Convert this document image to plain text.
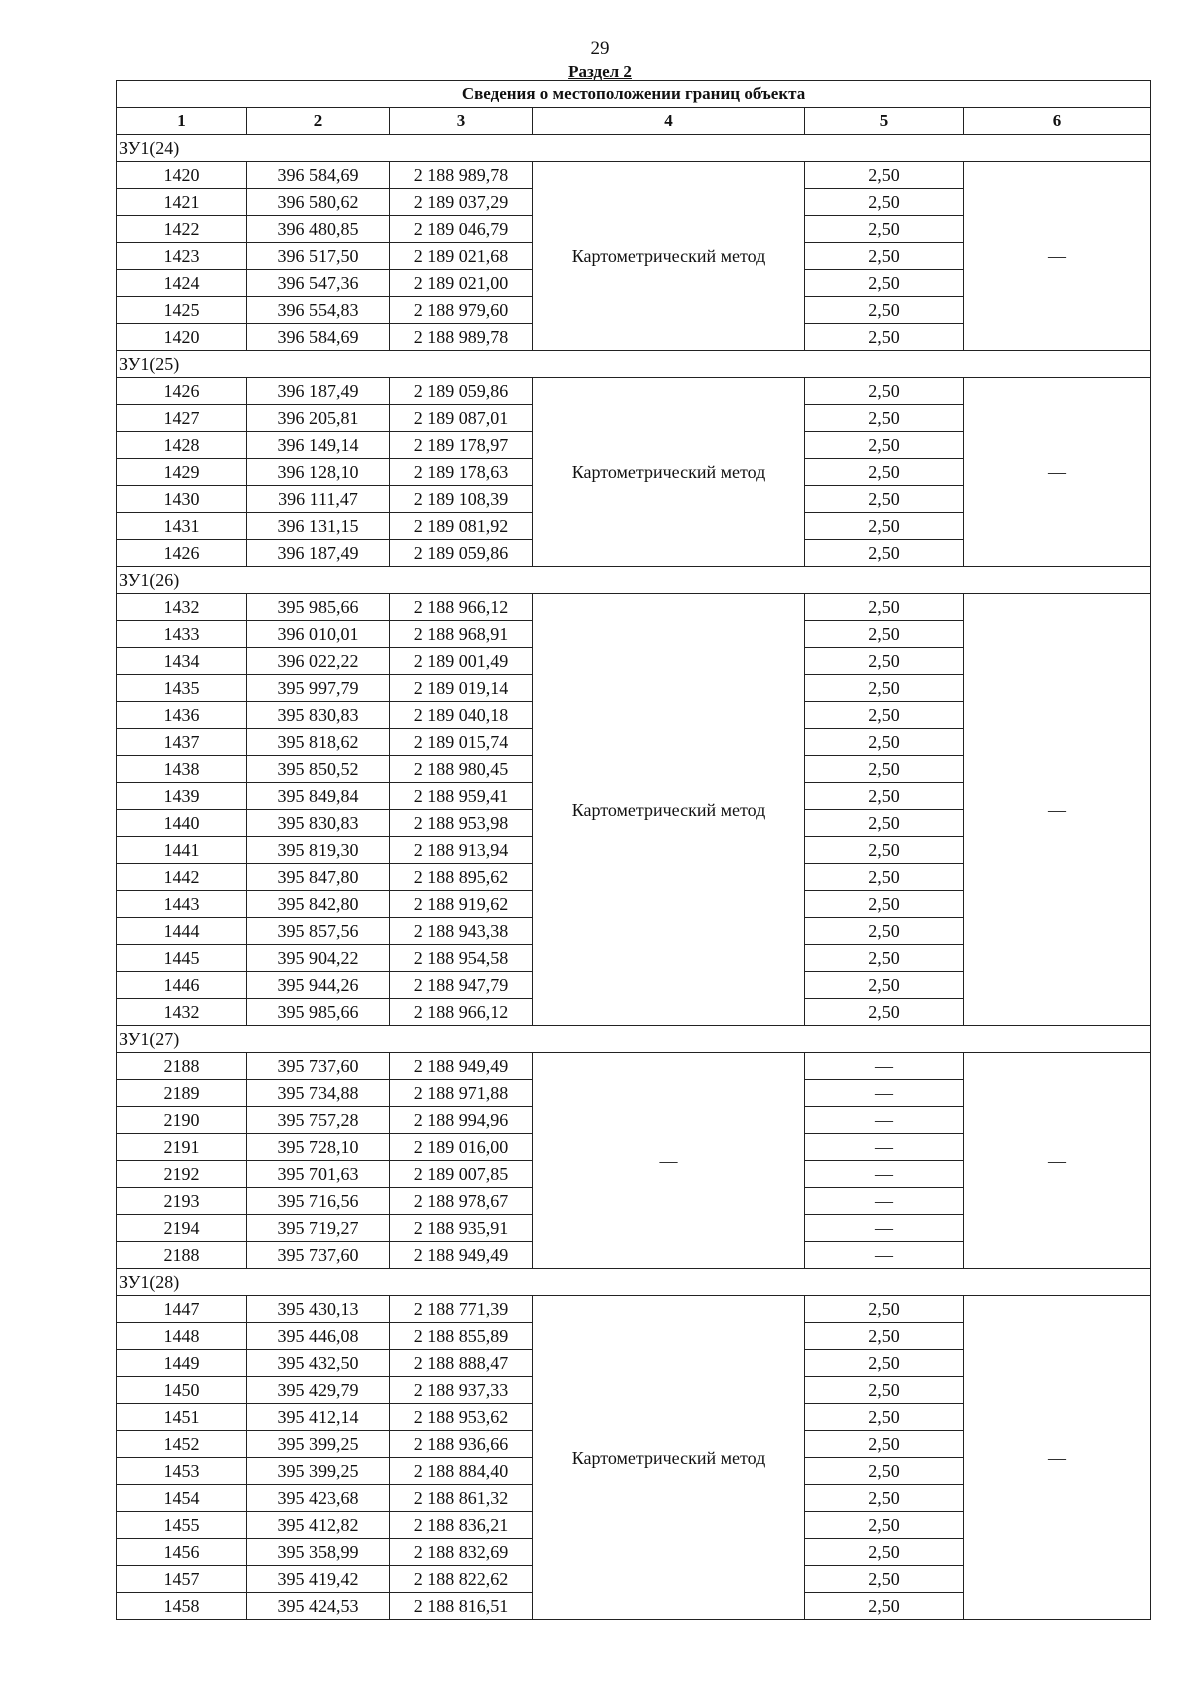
29
Раздел 2
Сведения о местоположении границ объекта					
1	2	3	4	5	6
ЗУ1(24)					
1420	396 584,69	2 188 989,78	Картометрический метод	2,50	—
1421	396 580,62	2 189 037,29		2,50	
1422	396 480,85	2 189 046,79		2,50	
1423	396 517,50	2 189 021,68		2,50	
1424	396 547,36	2 189 021,00		2,50	
1425	396 554,83	2 188 979,60		2,50	
1420	396 584,69	2 188 989,78		2,50	
ЗУ1(25)					
1426	396 187,49	2 189 059,86	Картометрический метод	2,50	—
1427	396 205,81	2 189 087,01		2,50	
1428	396 149,14	2 189 178,97		2,50	
1429	396 128,10	2 189 178,63		2,50	
1430	396 111,47	2 189 108,39		2,50	
1431	396 131,15	2 189 081,92		2,50	
1426	396 187,49	2 189 059,86		2,50	
ЗУ1(26)					
1432	395 985,66	2 188 966,12	Картометрический метод	2,50	—
1433	396 010,01	2 188 968,91		2,50	
1434	396 022,22	2 189 001,49		2,50	
1435	395 997,79	2 189 019,14		2,50	
1436	395 830,83	2 189 040,18		2,50	
1437	395 818,62	2 189 015,74		2,50	
1438	395 850,52	2 188 980,45		2,50	
1439	395 849,84	2 188 959,41		2,50	
1440	395 830,83	2 188 953,98		2,50	
1441	395 819,30	2 188 913,94		2,50	
1442	395 847,80	2 188 895,62		2,50	
1443	395 842,80	2 188 919,62		2,50	
1444	395 857,56	2 188 943,38		2,50	
1445	395 904,22	2 188 954,58		2,50	
1446	395 944,26	2 188 947,79		2,50	
1432	395 985,66	2 188 966,12		2,50	
ЗУ1(27)					
2188	395 737,60	2 188 949,49	—	—	—
2189	395 734,88	2 188 971,88		—	
2190	395 757,28	2 188 994,96		—	
2191	395 728,10	2 189 016,00		—	
2192	395 701,63	2 189 007,85		—	
2193	395 716,56	2 188 978,67		—	
2194	395 719,27	2 188 935,91		—	
2188	395 737,60	2 188 949,49		—	
ЗУ1(28)					
1447	395 430,13	2 188 771,39	Картометрический метод	2,50	—
1448	395 446,08	2 188 855,89		2,50	
1449	395 432,50	2 188 888,47		2,50	
1450	395 429,79	2 188 937,33		2,50	
1451	395 412,14	2 188 953,62		2,50	
1452	395 399,25	2 188 936,66		2,50	
1453	395 399,25	2 188 884,40		2,50	
1454	395 423,68	2 188 861,32		2,50	
1455	395 412,82	2 188 836,21		2,50	
1456	395 358,99	2 188 832,69		2,50	
1457	395 419,42	2 188 822,62		2,50	
1458	395 424,53	2 188 816,51		2,50	
